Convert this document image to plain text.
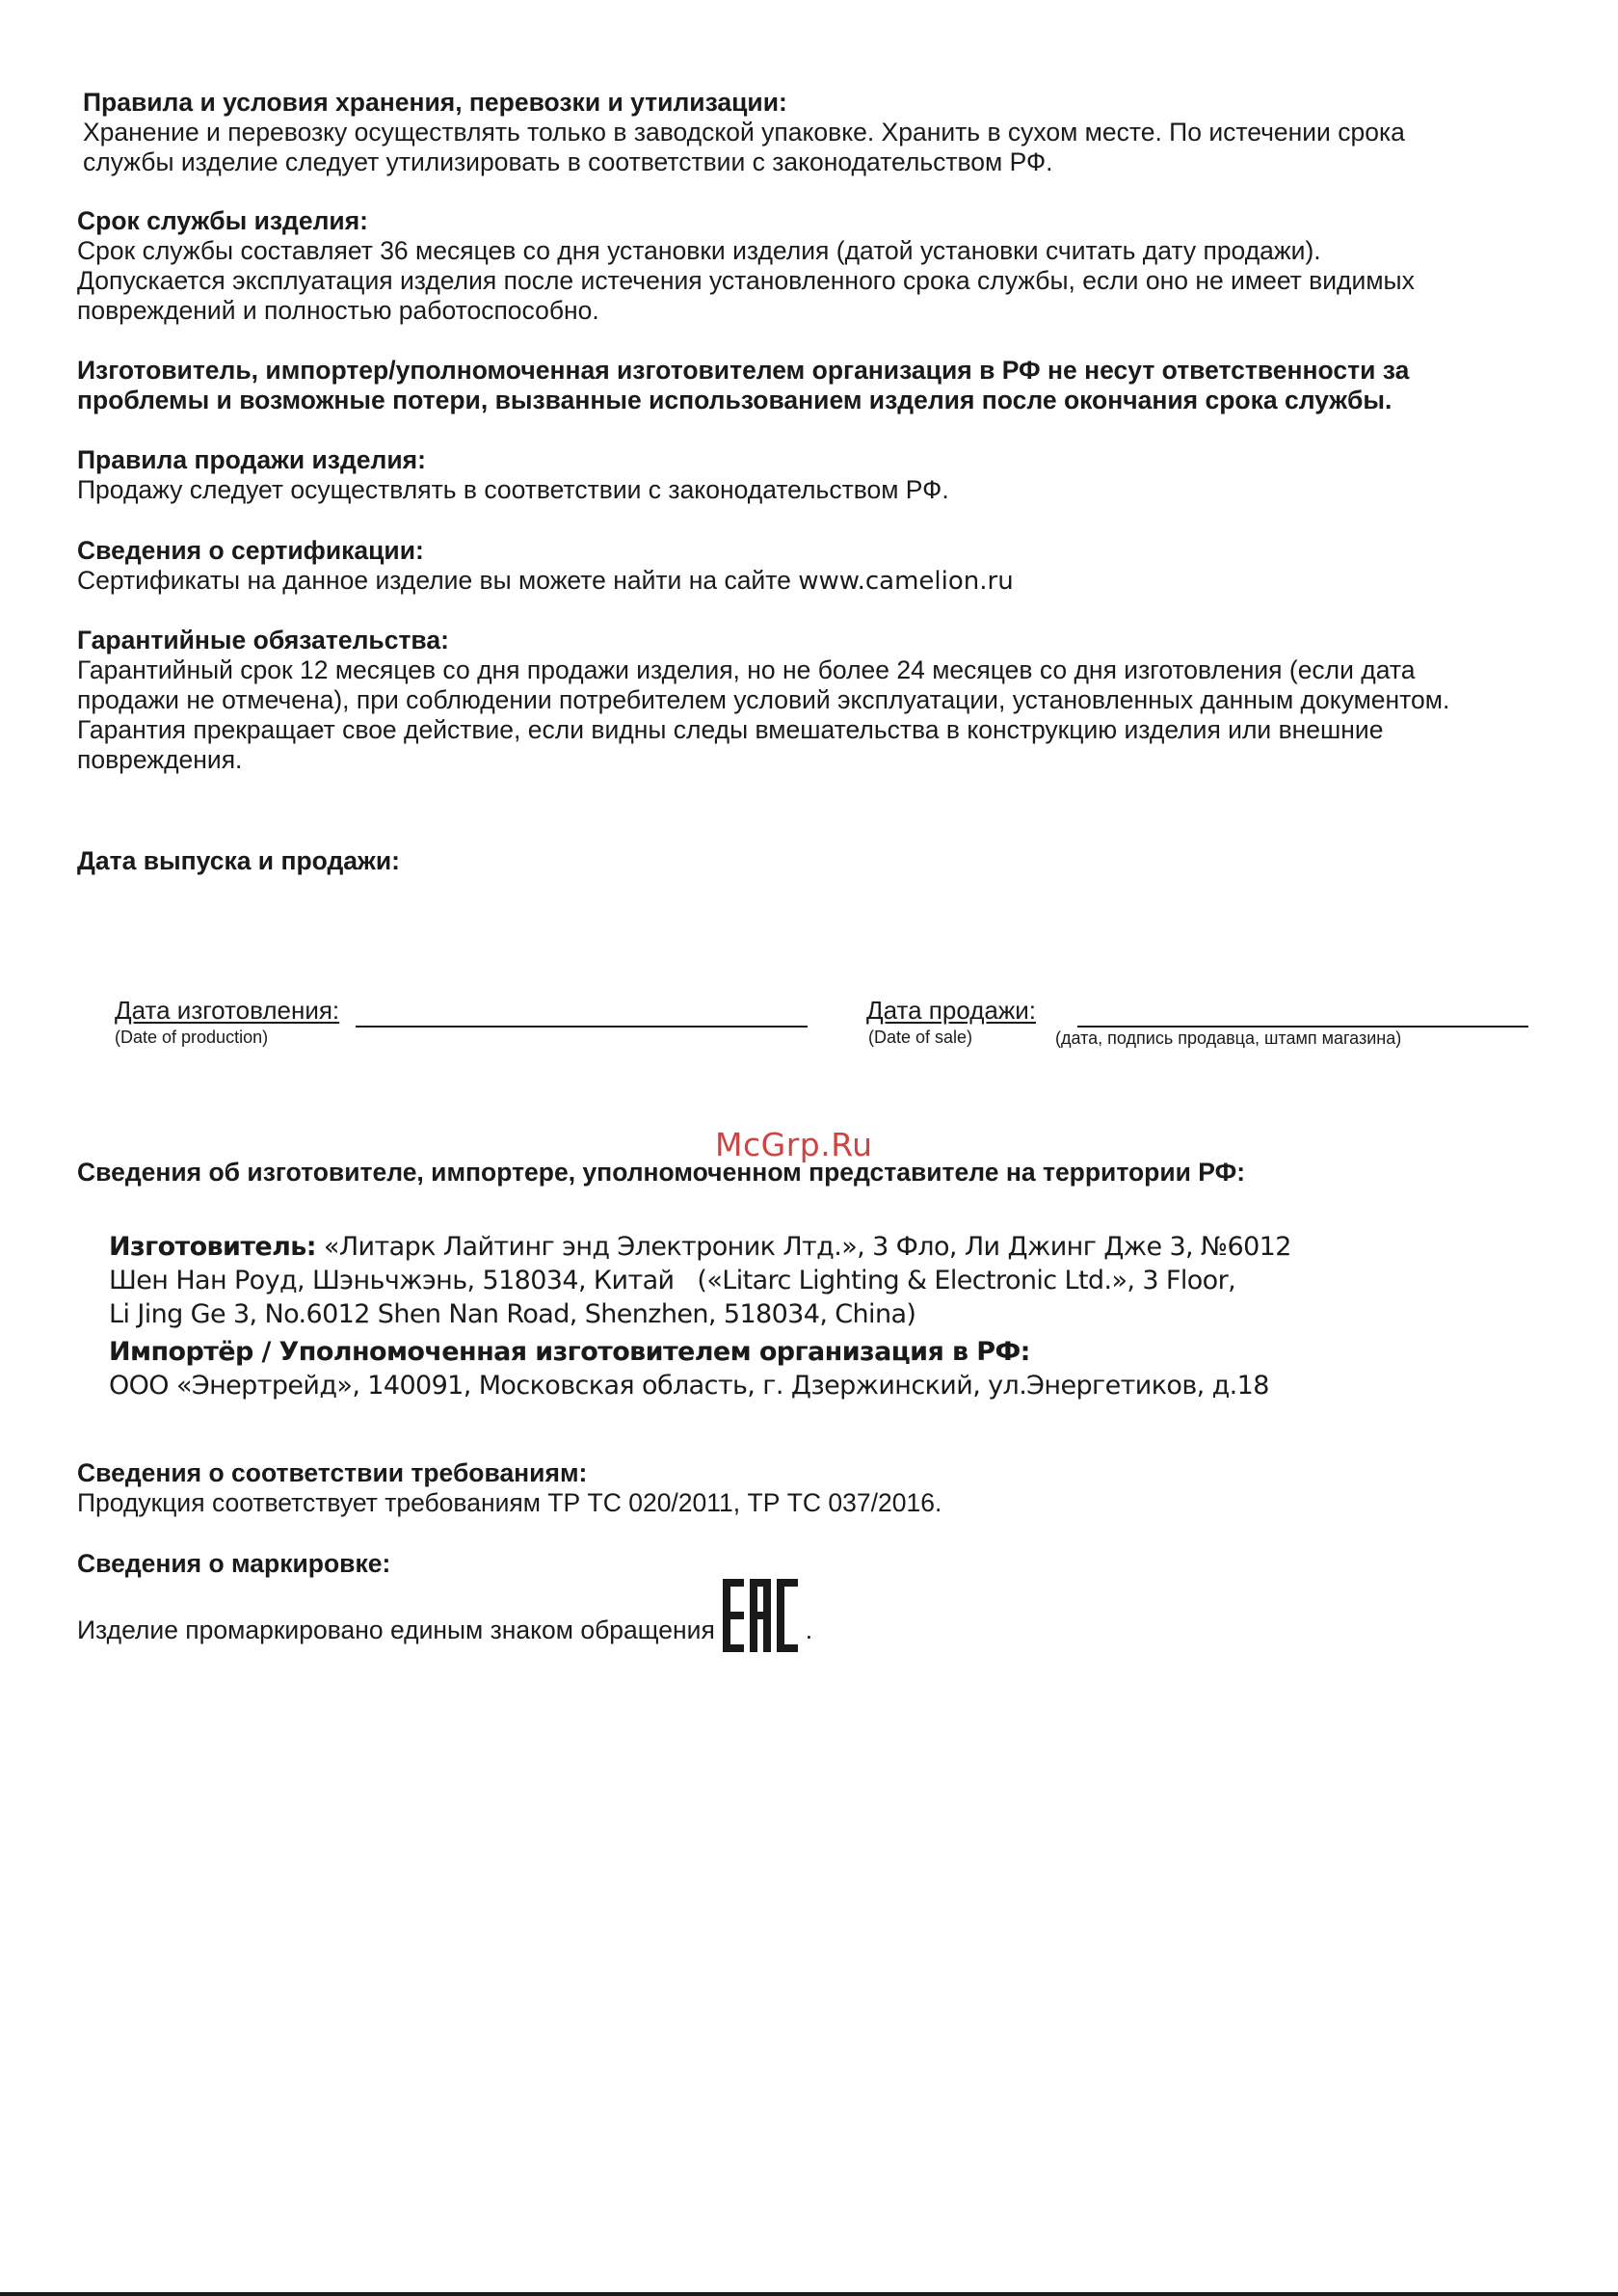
Правила и условия хранения, перевозки и утилизации:

Хранение и перевозку осуществлять только в заводской упаковке. Хранить в сухом месте. По истечении срока

службы изделие следует утилизировать в соответствии с законодательством РФ.

Срок службы изделия:

Срок службы составляет 36 месяцев со дня установки изделия (датой установки считать дату продажи).

Допускается эксплуатация изделия после истечения установленного срока службы, если оно не имеет видимых

повреждений и полностью работоспособно.

Изготовитель, импортер/уполномоченная изготовителем организация в РФ не несут ответственности за

проблемы и возможные потери, вызванные использованием изделия после окончания срока службы.

Правила продажи изделия:

Продажу следует осуществлять в соответствии с законодательством РФ.

Сведения о сертификации:

Сертификаты на данное изделие вы можете найти на сайте www.camelion.ru

Гарантийные обязательства:

Гарантийный срок 12 месяцев со дня продажи изделия, но не более 24 месяцев со дня изготовления (если дата

продажи не отмечена), при соблюдении потребителем условий эксплуатации, установленных данным документом.

Гарантия прекращает свое действие, если видны следы вмешательства в конструкцию изделия или внешние

повреждения.

Дата выпуска и продажи:

Дата изготовления:
(Date of production)
Дата продажи:
(Date of sale)	(дата, подпись продавца, штамп магазина)
McGrp.Ru

Сведения об изготовителе, импортере, уполномоченном представителе на территории РФ:

Изготовитель: «Литарк Лайтинг энд Электроник Лтд.», 3 Фло, Ли Джинг Дже 3, №6012

Шен Нан Роуд, Шэньчжэнь, 518034, Китай   («Litarc Lighting & Electronic Ltd.», 3 Floor,

Li Jing Ge 3, No.6012 Shen Nan Road, Shenzhen, 518034, China)

Импортёр / Уполномоченная изготовителем организация в РФ:

ООО «Энертрейд», 140091, Московская область, г. Дзержинский, ул.Энергетиков, д.18

Сведения о соответствии требованиям:

Продукция соответствует требованиям ТР ТС 020/2011, ТР ТС 037/2016.

Сведения о маркировке:

Изделие промаркировано единым знаком обращения	.
